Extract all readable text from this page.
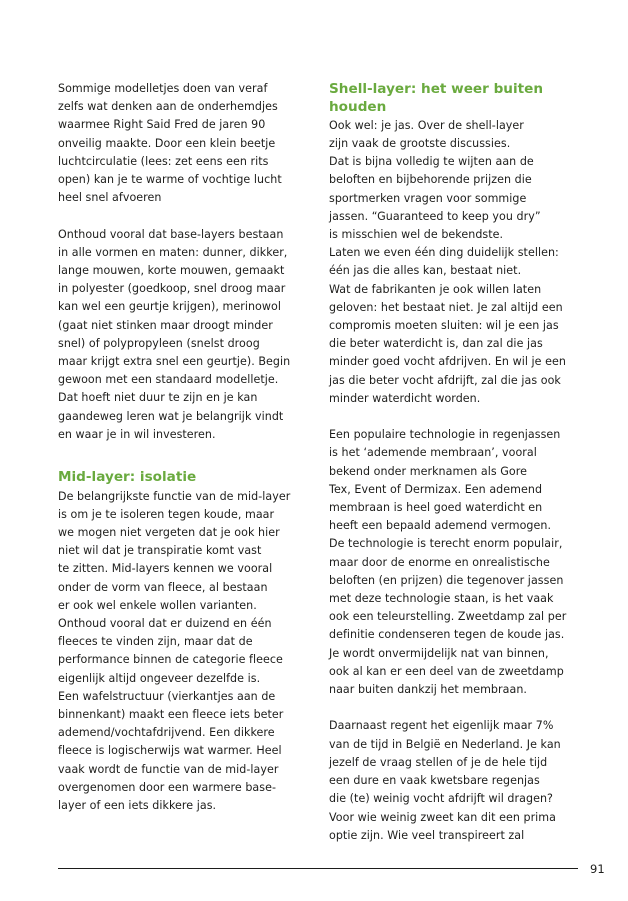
Sommige modelletjes doen van veraf
zelfs wat denken aan de onderhemdjes
waarmee Right Said Fred de jaren 90
onveilig maakte. Door een klein beetje
luchtcirculatie (lees: zet eens een rits
open) kan je te warme of vochtige lucht
heel snel afvoeren
Onthoud vooral dat base-layers bestaan
in alle vormen en maten: dunner, dikker,
lange mouwen, korte mouwen, gemaakt
in polyester (goedkoop, snel droog maar
kan wel een geurtje krijgen), merinowol
(gaat niet stinken maar droogt minder
snel) of polypropyleen (snelst droog
maar krijgt extra snel een geurtje). Begin
gewoon met een standaard modelletje.
Dat hoeft niet duur te zijn en je kan
gaandeweg leren wat je belangrijk vindt
en waar je in wil investeren.
Mid-layer: isolatie
De belangrijkste functie van de mid-layer
is om je te isoleren tegen koude, maar
we mogen niet vergeten dat je ook hier
niet wil dat je transpiratie komt vast
te zitten. Mid-layers kennen we vooral
onder de vorm van fleece, al bestaan
er ook wel enkele wollen varianten.
Onthoud vooral dat er duizend en één
fleeces te vinden zijn, maar dat de
performance binnen de categorie fleece
eigenlijk altijd ongeveer dezelfde is.
Een wafelstructuur (vierkantjes aan de
binnenkant) maakt een fleece iets beter
ademend/vochtafdrijvend. Een dikkere
fleece is logischerwijs wat warmer. Heel
vaak wordt de functie van de mid-layer
overgenomen door een warmere base-
layer of een iets dikkere jas.
Shell-layer: het weer buiten
houden
Ook wel: je jas. Over de shell-layer
zijn vaak de grootste discussies.
Dat is bijna volledig te wijten aan de
beloften en bijbehorende prijzen die
sportmerken vragen voor sommige
jassen. “Guaranteed to keep you dry”
is misschien wel de bekendste.
Laten we even één ding duidelijk stellen:
één jas die alles kan, bestaat niet.
Wat de fabrikanten je ook willen laten
geloven: het bestaat niet. Je zal altijd een
compromis moeten sluiten: wil je een jas
die beter waterdicht is, dan zal die jas
minder goed vocht afdrijven. En wil je een
jas die beter vocht afdrijft, zal die jas ook
minder waterdicht worden.
Een populaire technologie in regenjassen
is het ‘ademende membraan’, vooral
bekend onder merknamen als Gore
Tex, Event of Dermizax. Een ademend
membraan is heel goed waterdicht en
heeft een bepaald ademend vermogen.
De technologie is terecht enorm populair,
maar door de enorme en onrealistische
beloften (en prijzen) die tegenover jassen
met deze technologie staan, is het vaak
ook een teleurstelling. Zweetdamp zal per
definitie condenseren tegen de koude jas.
Je wordt onvermijdelijk nat van binnen,
ook al kan er een deel van de zweetdamp
naar buiten dankzij het membraan.
Daarnaast regent het eigenlijk maar 7%
van de tijd in België en Nederland. Je kan
jezelf de vraag stellen of je de hele tijd
een dure en vaak kwetsbare regenjas
die (te) weinig vocht afdrijft wil dragen?
Voor wie weinig zweet kan dit een prima
optie zijn. Wie veel transpireert zal
91
